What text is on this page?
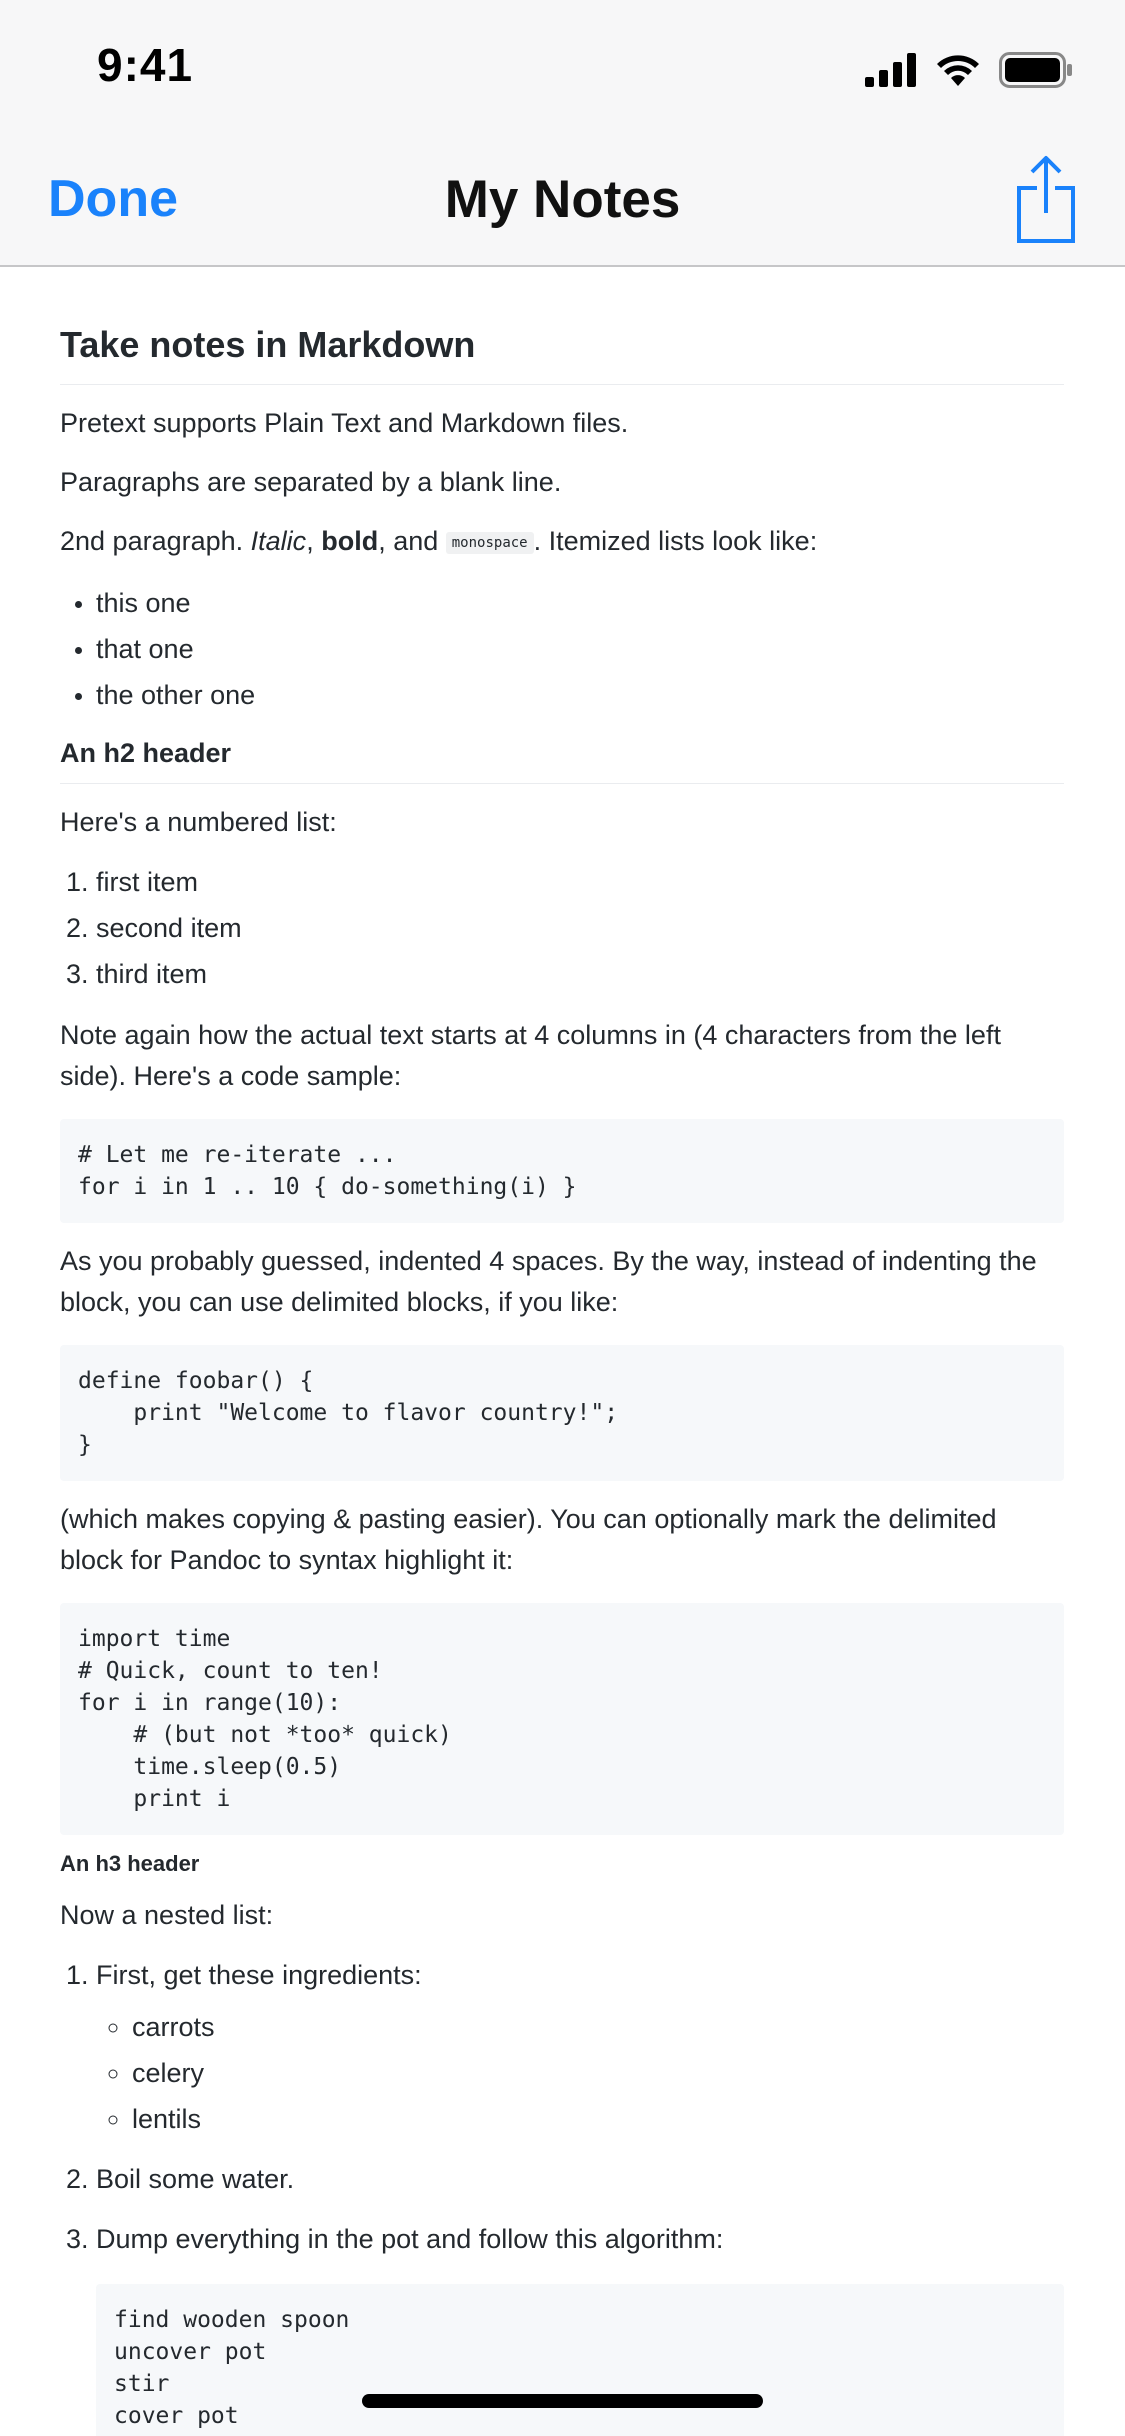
9:41
Done	My Notes
Take notes in Markdown

Pretext supports Plain Text and Markdown files.

Paragraphs are separated by a blank line.

2nd paragraph. Italic, bold, and monospace . Itemized lists look like:

• this one
• that one
• the other one
An h2 header

Here's a numbered list:

1. first item
2. second item
3. third item

Note again how the actual text starts at 4 columns in (4 characters from the left side). Here's a code sample:

# Let me re-iterate ...
for i in 1 .. 10 { do-something(i) }

As you probably guessed, indented 4 spaces. By the way, instead of indenting the block, you can use delimited blocks, if you like:

define foobar() {
print "Welcome to flavor country!";
}

(which makes copying & pasting easier). You can optionally mark the delimited block for Pandoc to syntax highlight it:

import time
# Quick, count to ten!
for i in range(10):
# (but not *too* quick)
time.sleep(0.5)
print i
An h3 header

Now a nested list:

1. First, get these ingredients:
◦ carrots
◦ celery
◦ lentils
2. Boil some water.
3. Dump everything in the pot and follow this algorithm:
find wooden spoon
uncover pot
stir
cover pot
